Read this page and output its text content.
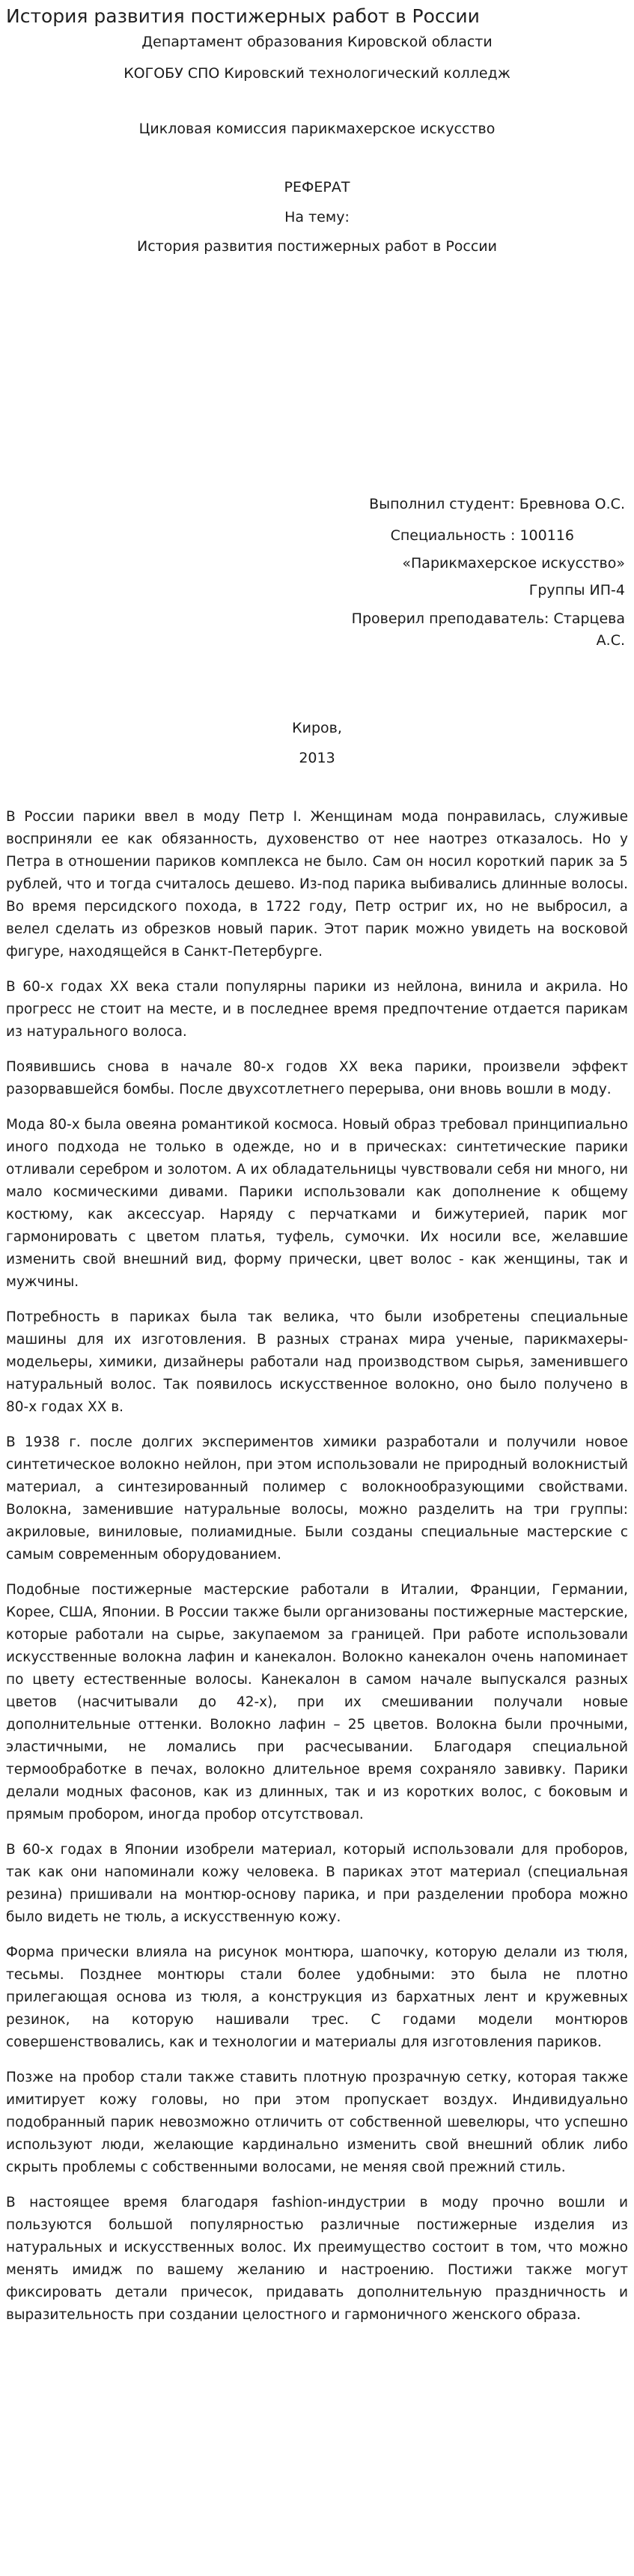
История развития постижерных работ в России

Департамент образования Кировской области

КОГОБУ СПО Кировский технологический колледж

Цикловая комиссия парикмахерское искусство

РЕФЕРАТ

На тему:

История развития постижерных работ в России

Выполнил студент: Бревнова О.С.

Специальность : 100116

«Парикмахерское искусство»

Группы ИП-4

Проверил преподаватель: Старцева

А.С.

Киров,

2013

В России парики ввел в моду Петр I. Женщинам мода понравилась, служивые восприняли ее как обязанность, духовенство от нее наотрез отказалось. Но у Петра в отношении париков комплекса не было. Сам он носил короткий парик за 5 рублей, что и тогда считалось дешево. Из-под парика выбивались длинные волосы. Во время персидского похода, в 1722 году, Петр остриг их, но не выбросил, а велел сделать из обрезков новый парик. Этот парик можно увидеть на восковой фигуре, находящейся в Санкт-Петербурге.

В 60-х годах XX века стали популярны парики из нейлона, винила и акрила. Но прогресс не стоит на месте, и в последнее время предпочтение отдается парикам из натурального волоса.

Появившись снова в начале 80-х годов XX века парики, произвели эффект разорвавшейся бомбы. После двухсотлетнего перерыва, они вновь вошли в моду.

Мода 80-х была овеяна романтикой космоса. Новый образ требовал принципиально иного подхода не только в одежде, но и в прическах: синтетические парики отливали серебром и золотом. А их обладательницы чувствовали себя ни много, ни мало космическими дивами. Парики использовали как дополнение к общему костюму, как аксессуар. Наряду с перчатками и бижутерией, парик мог гармонировать с цветом платья, туфель, сумочки. Их носили все, желавшие изменить свой внешний вид, форму прически, цвет волос - как женщины, так и мужчины.

Потребность в париках была так велика, что были изобретены специальные машины для их изготовления. В разных странах мира ученые, парикмахеры-модельеры, химики, дизайнеры работали над производством сырья, заменившего натуральный волос. Так появилось искусственное волокно, оно было получено в 80-х годах ХХ в.

В 1938 г. после долгих экспериментов химики разработали и получили новое синтетическое волокно нейлон, при этом использовали не природный волокнистый материал, а синтезированный полимер с волокнообразующими свойствами. Волокна, заменившие натуральные волосы, можно разделить на три группы: акриловые, виниловые, полиамидные. Были созданы специальные мастерские с самым современным оборудованием.

Подобные постижерные мастерские работали в Италии, Франции, Германии, Корее, США, Японии. В России также были организованы постижерные мастерские, которые работали на сырье, закупаемом за границей. При работе использовали искусственные волокна лафин и канекалон. Волокно канекалон очень напоминает по цвету естественные волосы. Канекалон в самом начале выпускался разных цветов (насчитывали до 42-х), при их смешивании получали новые дополнительные оттенки. Волокно лафин – 25 цветов. Волокна были прочными, эластичными, не ломались при расчесывании. Благодаря специальной термообработке в печах, волокно длительное время сохраняло завивку. Парики делали модных фасонов, как из длинных, так и из коротких волос, с боковым и прямым пробором, иногда пробор отсутствовал.

В 60-х годах в Японии изобрели материал, который использовали для проборов, так как они напоминали кожу человека. В париках этот материал (специальная резина) пришивали на монтюр-основу парика, и при разделении пробора можно было видеть не тюль, а искусственную кожу.

Форма прически влияла на рисунок монтюра, шапочку, которую делали из тюля, тесьмы. Позднее монтюры стали более удобными: это была не плотно прилегающая основа из тюля, а конструкция из бархатных лент и кружевных резинок, на которую нашивали трес. С годами модели монтюров совершенствовались, как и технологии и материалы для изготовления париков.

Позже на пробор стали также ставить плотную прозрачную сетку, которая также имитирует кожу головы, но при этом пропускает воздух. Индивидуально подобранный парик невозможно отличить от собственной шевелюры, что успешно используют люди, желающие кардинально изменить свой внешний облик либо скрыть проблемы с собственными волосами, не меняя свой прежний стиль.

В настоящее время благодаря fashion-индустрии в моду прочно вошли и пользуются большой популярностью различные постижерные изделия из натуральных и искусственных волос. Их преимущество состоит в том, что можно менять имидж по вашему желанию и настроению. Постижи также могут фиксировать детали причесок, придавать дополнительную праздничность и выразительность при создании целостного и гармоничного женского образа.
